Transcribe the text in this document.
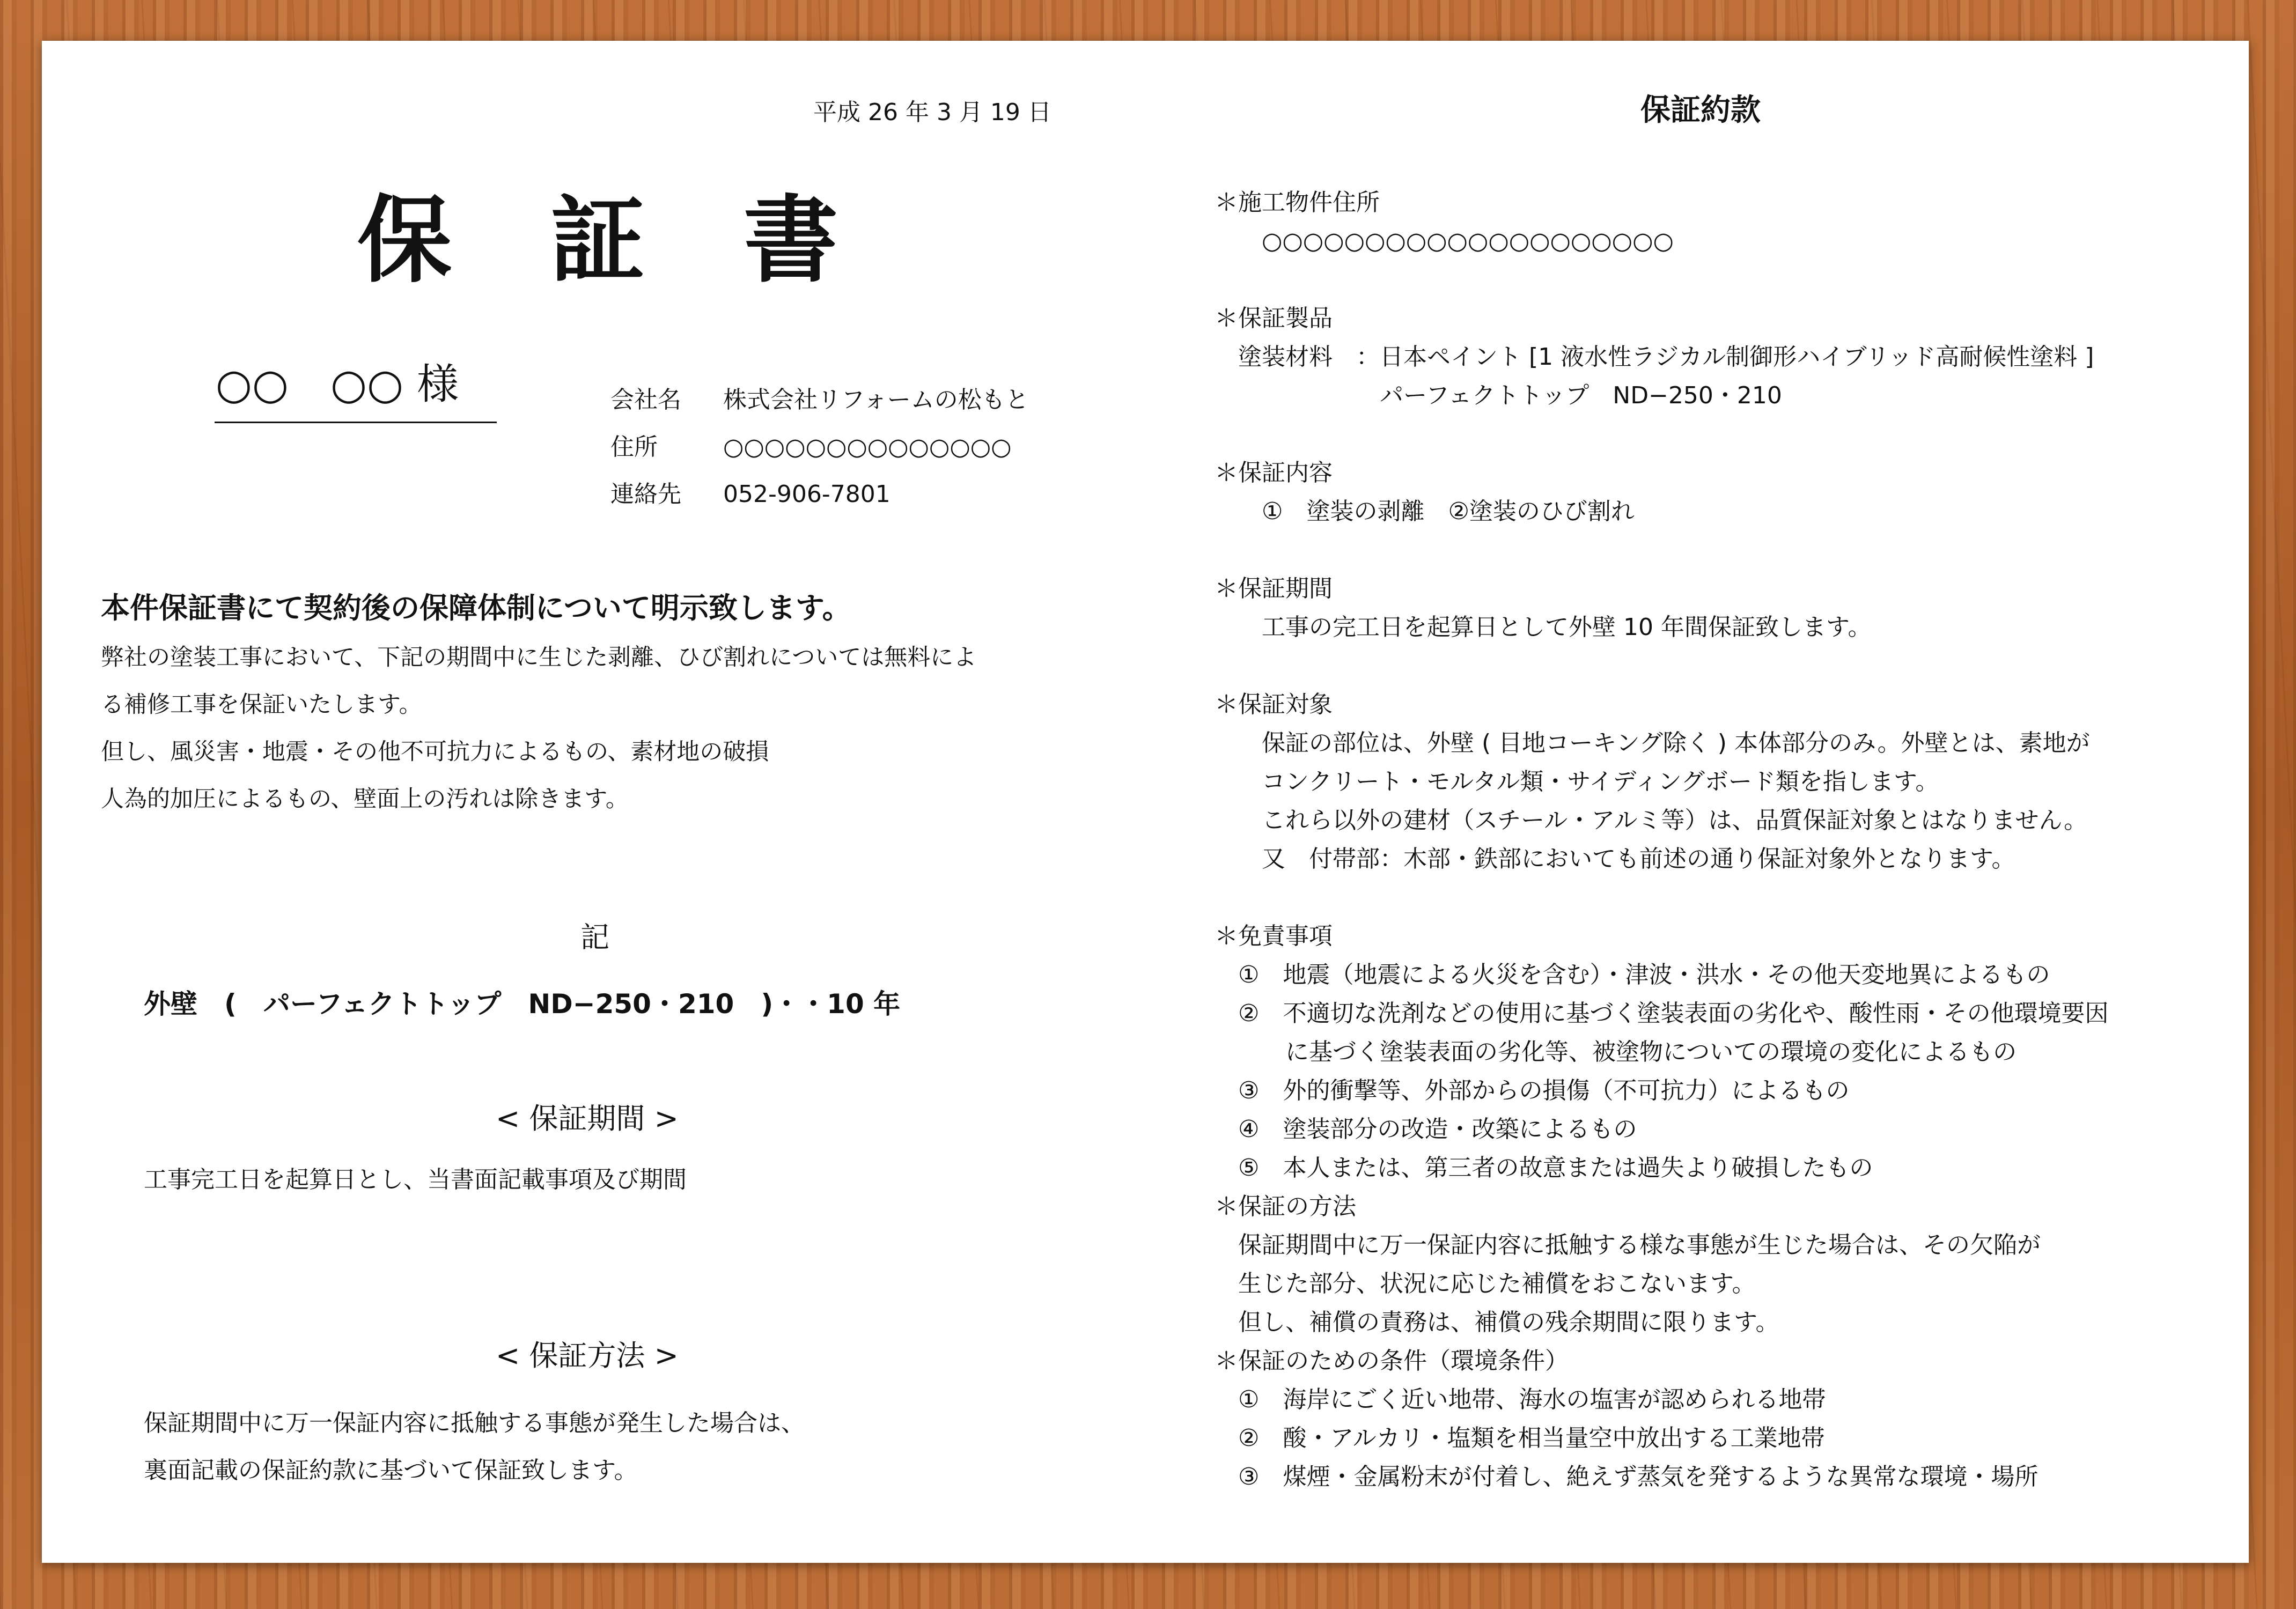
平成 26 年 3 月 19 日
保　証　書
○○　○○ 様	会社名 株式会社リフォームの松もと
住所	○○○○○○○○○○○○○○
連絡先 052-906-7801
本件保証書にて契約後の保障体制について明示致します。
弊社の塗装工事において、下記の期間中に生じた剥離、ひび割れについては無料によ
る補修工事を保証いたします。
但し、風災害・地震・その他不可抗力によるもの、素材地の破損
人為的加圧によるもの、壁面上の汚れは除きます。
記
外壁　(　パーフェクトトップ　ND−250・210　)・・10 年
< 保証期間 >
工事完工日を起算日とし、当書面記載事項及び期間
< 保証方法 >
保証期間中に万一保証内容に抵触する事態が発生した場合は、
裏面記載の保証約款に基づいて保証致します。
保証約款
＊施工物件住所
　　○○○○○○○○○○○○○○○○○○○○
＊保証製品
　塗装材料　：日本ペイント [1 液水性ラジカル制御形ハイブリッド高耐候性塗料 ]
　　　　　　　パーフェクトトップ　ND−250・210
＊保証内容
　　①　塗装の剥離　②塗装のひび割れ
＊保証期間
　　工事の完工日を起算日として外壁 10 年間保証致します。
＊保証対象
　　保証の部位は、外壁 ( 目地コーキング除く ) 本体部分のみ。外壁とは、素地が
　　コンクリート・モルタル類・サイディングボード類を指します。
　　これら以外の建材（スチール・アルミ等）は、品質保証対象とはなりません。
　　又　付帯部：木部・鉄部においても前述の通り保証対象外となります。
＊免責事項
　①　地震（地震による火災を含む）・津波・洪水・その他天変地異によるもの
　②　不適切な洗剤などの使用に基づく塗装表面の劣化や、酸性雨・その他環境要因
　　　に基づく塗装表面の劣化等、被塗物についての環境の変化によるもの
　③　外的衝撃等、外部からの損傷（不可抗力）によるもの
　④　塗装部分の改造・改築によるもの
　⑤　本人または、第三者の故意または過失より破損したもの
＊保証の方法
　保証期間中に万一保証内容に抵触する様な事態が生じた場合は、その欠陥が
　生じた部分、状況に応じた補償をおこないます。
　但し、補償の責務は、補償の残余期間に限ります。
＊保証のための条件（環境条件）
　①　海岸にごく近い地帯、海水の塩害が認められる地帯
　②　酸・アルカリ・塩類を相当量空中放出する工業地帯
　③　煤煙・金属粉末が付着し、絶えず蒸気を発するような異常な環境・場所
